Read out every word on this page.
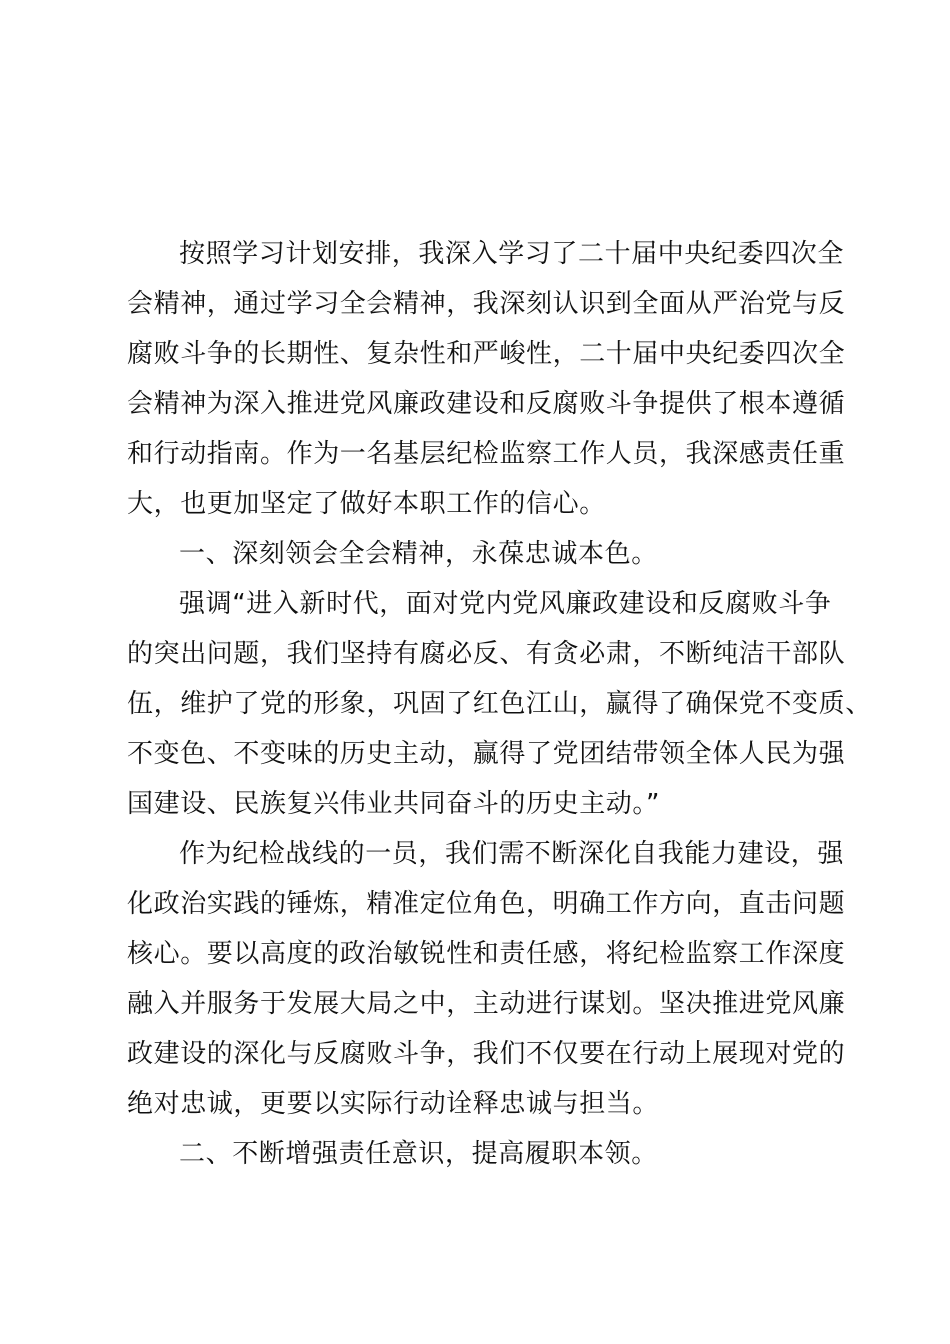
按照学习计划安排，我深入学习了二十届中央纪委四次全
会精神，通过学习全会精神，我深刻认识到全面从严治党与反
腐败斗争的长期性、复杂性和严峻性，二十届中央纪委四次全
会精神为深入推进党风廉政建设和反腐败斗争提供了根本遵循
和行动指南。作为一名基层纪检监察工作人员，我深感责任重
大，也更加坚定了做好本职工作的信心。
一、深刻领会全会精神，永葆忠诚本色。
强调“进入新时代，面对党内党风廉政建设和反腐败斗争
的突出问题，我们坚持有腐必反、有贪必肃，不断纯洁干部队
伍，维护了党的形象，巩固了红色江山，赢得了确保党不变质、
不变色、不变味的历史主动，赢得了党团结带领全体人民为强
国建设、民族复兴伟业共同奋斗的历史主动。”
作为纪检战线的一员，我们需不断深化自我能力建设，强
化政治实践的锤炼，精准定位角色，明确工作方向，直击问题
核心。要以高度的政治敏锐性和责任感，将纪检监察工作深度
融入并服务于发展大局之中，主动进行谋划。坚决推进党风廉
政建设的深化与反腐败斗争，我们不仅要在行动上展现对党的
绝对忠诚，更要以实际行动诠释忠诚与担当。
二、不断增强责任意识，提高履职本领。
